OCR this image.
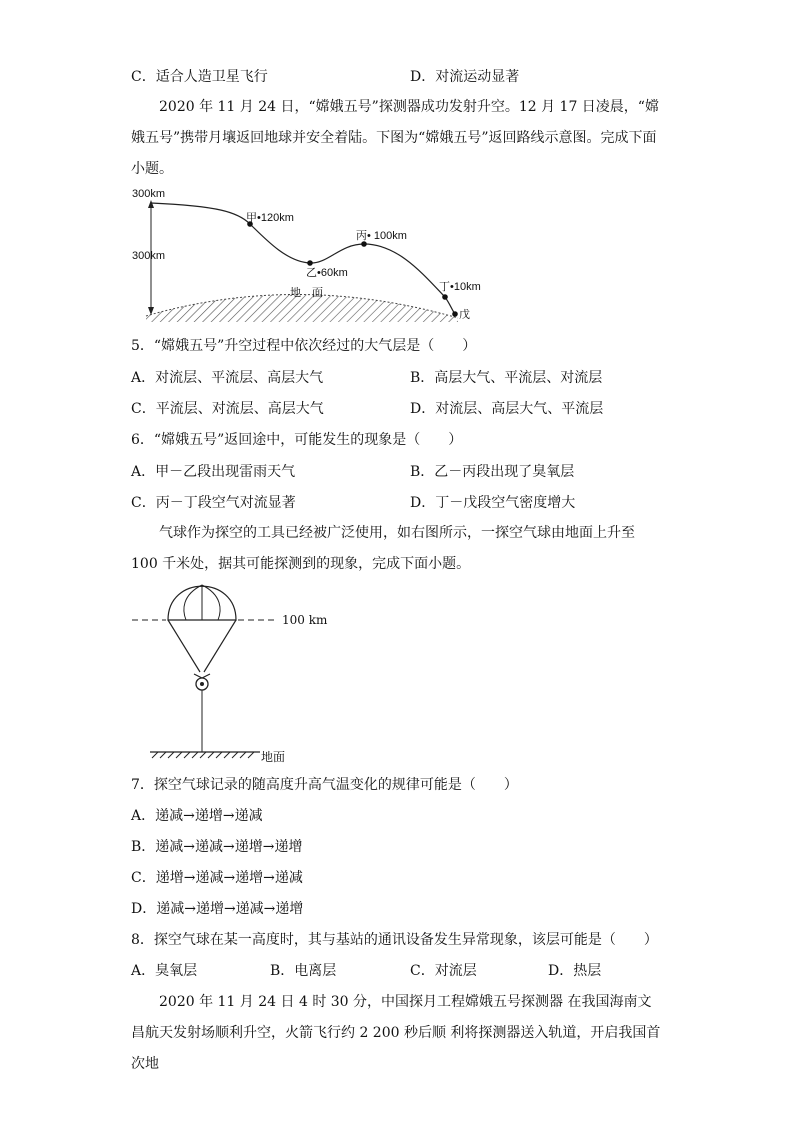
C．适合人造卫星飞行	D．对流运动显著
2020 年 11 月 24 日，“嫦娥五号”探测器成功发射升空。12 月 17 日凌晨，“嫦娥五号”携带月壤返回地球并安全着陆。下图为“嫦娥五号”返回路线示意图。完成下面小题。
300km
300km
甲•120km
乙•60km
丙• 100km
丁•10km
戊
地　面
5．“嫦娥五号”升空过程中依次经过的大气层是（　　）
A．对流层、平流层、高层大气	B．高层大气、平流层、对流层
C．平流层、对流层、高层大气	D．对流层、高层大气、平流层
6．“嫦娥五号”返回途中，可能发生的现象是（　　）
A．甲－乙段出现雷雨天气	B．乙－丙段出现了臭氧层
C．丙－丁段空气对流显著	D．丁－戊段空气密度增大
气球作为探空的工具已经被广泛使用，如右图所示，一探空气球由地面上升至 100 千米处，据其可能探测到的现象，完成下面小题。
100 km
地面
7．探空气球记录的随高度升高气温变化的规律可能是（　　）
A．递减→递增→递减
B．递减→递减→递增→递增
C．递增→递减→递增→递减
D．递减→递增→递减→递增
8．探空气球在某一高度时，其与基站的通讯设备发生异常现象，该层可能是（　　）
A．臭氧层	B．电离层	C．对流层	D．热层
2020 年 11 月 24 日 4 时 30 分，中国探月工程嫦娥五号探测器 在我国海南文昌航天发射场顺利升空，火箭飞行约 2 200 秒后顺 利将探测器送入轨道，开启我国首次地
